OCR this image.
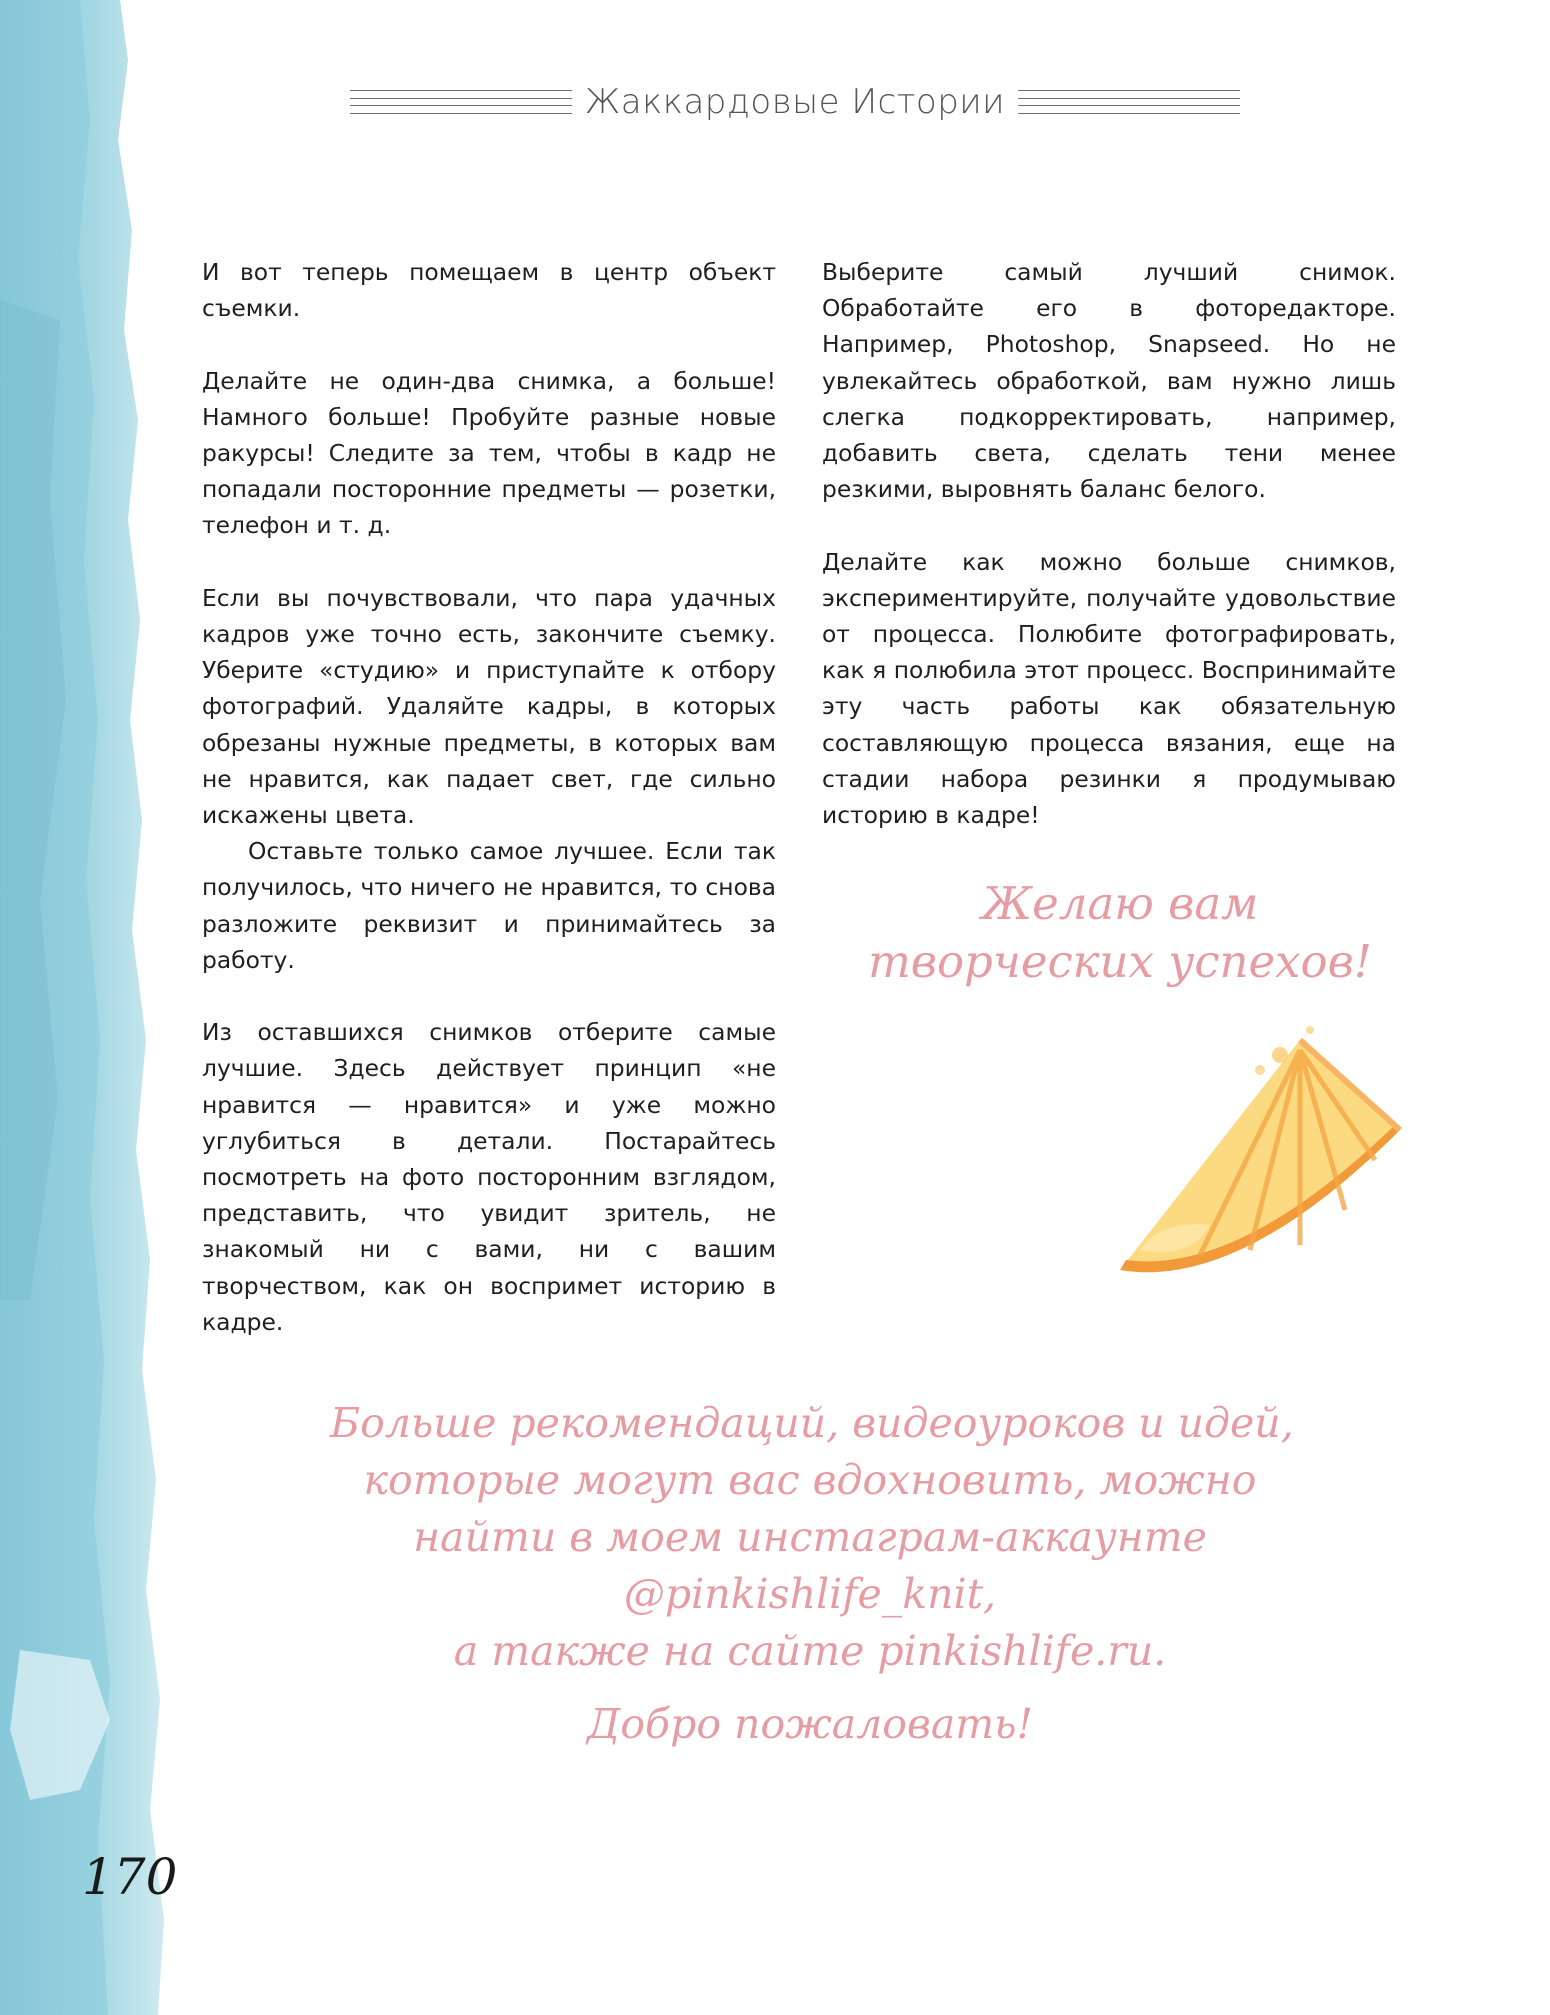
Жаккардовые Истории

И вот теперь помещаем в центр объект съемки.

Делайте не один-два снимка, а больше! Намного больше! Пробуйте разные новые ракурсы! Следите за тем, чтобы в кадр не попадали посторонние предметы — розетки, телефон и т. д.

Если вы почувствовали, что пара удачных кадров уже точно есть, закончите съемку. Уберите «студию» и приступайте к отбору фотографий. Удаляйте кадры, в которых обрезаны нужные предметы, в которых вам не нравится, как падает свет, где сильно искажены цвета.

Оставьте только самое лучшее. Если так получилось, что ничего не нравится, то снова разложите реквизит и принимайтесь за работу.

Из оставшихся снимков отберите самые лучшие. Здесь действует принцип «не нравится — нравится» и уже можно углубиться в детали. Постарайтесь посмотреть на фото посторонним взглядом, представить, что увидит зритель, не знакомый ни с вами, ни с вашим творчеством, как он воспримет историю в кадре.

Выберите самый лучший снимок. Обработайте его в фоторедакторе. Например, Photoshop, Snapseed. Но не увлекайтесь обработкой, вам нужно лишь слегка подкорректировать, например, добавить света, сделать тени менее резкими, выровнять баланс белого.

Делайте как можно больше снимков, экспериментируйте, получайте удовольствие от процесса. Полюбите фотографировать, как я полюбила этот процесс. Воспринимайте эту часть работы как обязательную составляющую процесса вязания, еще на стадии набора резинки я продумываю историю в кадре!

Желаю вам
творческих успехов!
Больше рекомендаций, видеоуроков и идей,
которые могут вас вдохновить, можно
найти в моем инстаграм-аккаунте
@pinkishlife_knit,
а также на сайте pinkishlife.ru.
Добро пожаловать!
170
